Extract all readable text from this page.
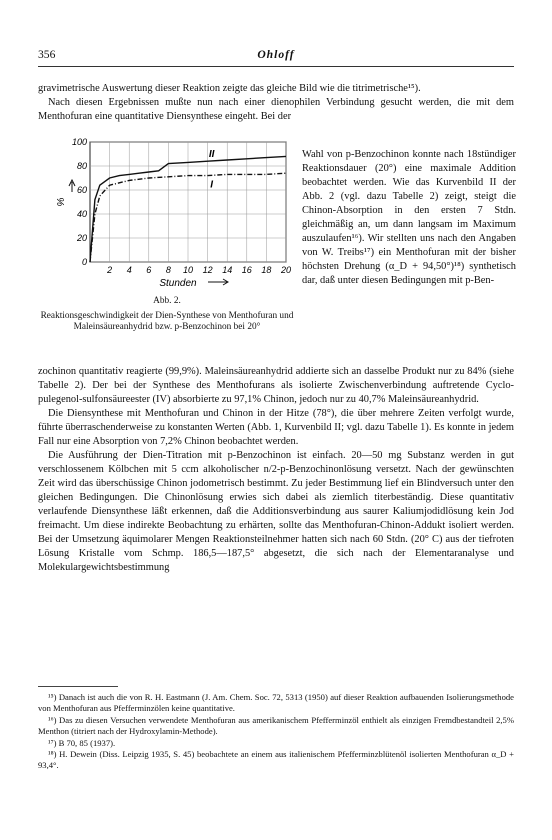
356	Ohloff

gravimetrische Auswertung dieser Reaktion zeigte das gleiche Bild wie die titrimetrische¹⁵).

Nach diesen Ergebnissen mußte nun nach einer dienophilen Verbindung gesucht werden, die mit dem Menthofuran eine quantitative Diensynthese eingeht. Bei der

2 4 6 8 10 12 14 16 18 20
100
80
60
40
20
0
%
Stunden
II
I
Abb. 2.
Reaktionsgeschwindigkeit der Dien-Synthese von Menthofuran und Maleinsäureanhydrid bzw. p-Benzochinon bei 20°

Wahl von p-Benzochinon konnte nach 18stündiger Reaktionsdauer (20°) eine maximale Addition beobachtet werden. Wie das Kurvenbild II der Abb. 2 (vgl. dazu Tabelle 2) zeigt, steigt die Chinon-Absorption in den ersten 7 Stdn. gleichmäßig an, um dann langsam im Maximum auszulaufen¹⁶). Wir stellten uns nach den Angaben von W. Treibs¹⁷) ein Menthofuran mit der bisher höchsten Drehung (α_D + 94,50°)¹⁸) synthetisch dar, daß unter diesen Bedingungen mit p-Ben-

zochinon quantitativ reagierte (99,9%). Maleinsäureanhydrid addierte sich an dasselbe Produkt nur zu 84% (siehe Tabelle 2). Der bei der Synthese des Menthofurans als isolierte Zwischenverbindung auftretende Cyclo-pulegenol-sulfonsäureester (IV) absorbierte zu 97,1% Chinon, jedoch nur zu 40,7% Maleinsäureanhydrid.

Die Diensynthese mit Menthofuran und Chinon in der Hitze (78°), die über mehrere Zeiten verfolgt wurde, führte überraschenderweise zu konstanten Werten (Abb. 1, Kurvenbild II; vgl. dazu Tabelle 1). Es konnte in jedem Fall nur eine Absorption von 7,2% Chinon beobachtet werden.

Die Ausführung der Dien-Titration mit p-Benzochinon ist einfach. 20—50 mg Substanz werden in gut verschlossenem Kölbchen mit 5 ccm alkoholischer n/2-p-Benzochinonlösung versetzt. Nach der gewünschten Zeit wird das überschüssige Chinon jodometrisch bestimmt. Zu jeder Bestimmung lief ein Blindversuch unter den gleichen Bedingungen. Die Chinonlösung erwies sich dabei als ziemlich titerbeständig. Diese quantitativ verlaufende Diensynthese läßt erkennen, daß die Additionsverbindung aus saurer Kaliumjodidlösung kein Jod freimacht. Um diese indirekte Beobachtung zu erhärten, sollte das Menthofuran-Chinon-Addukt isoliert werden. Bei der Umsetzung äquimolarer Mengen Reaktionsteilnehmer hatten sich nach 60 Stdn. (20° C) aus der tiefroten Lösung Kristalle vom Schmp. 186,5—187,5° abgesetzt, die sich nach der Elementaranalyse und Molekulargewichtsbestimmung

¹⁵) Danach ist auch die von R. H. Eastmann (J. Am. Chem. Soc. 72, 5313 (1950) auf dieser Reaktion aufbauenden Isolierungsmethode von Menthofuran aus Pfefferminzölen keine quantitative.

¹⁶) Das zu diesen Versuchen verwendete Menthofuran aus amerikanischem Pfefferminzöl enthielt als einzigen Fremdbestandteil 2,5% Menthon (titriert nach der Hydroxylamin-Methode).

¹⁷) B 70, 85 (1937).

¹⁸) H. Dewein (Diss. Leipzig 1935, S. 45) beobachtete an einem aus italienischem Pfefferminzblütenöl isolierten Menthofuran α_D + 93,4°.
